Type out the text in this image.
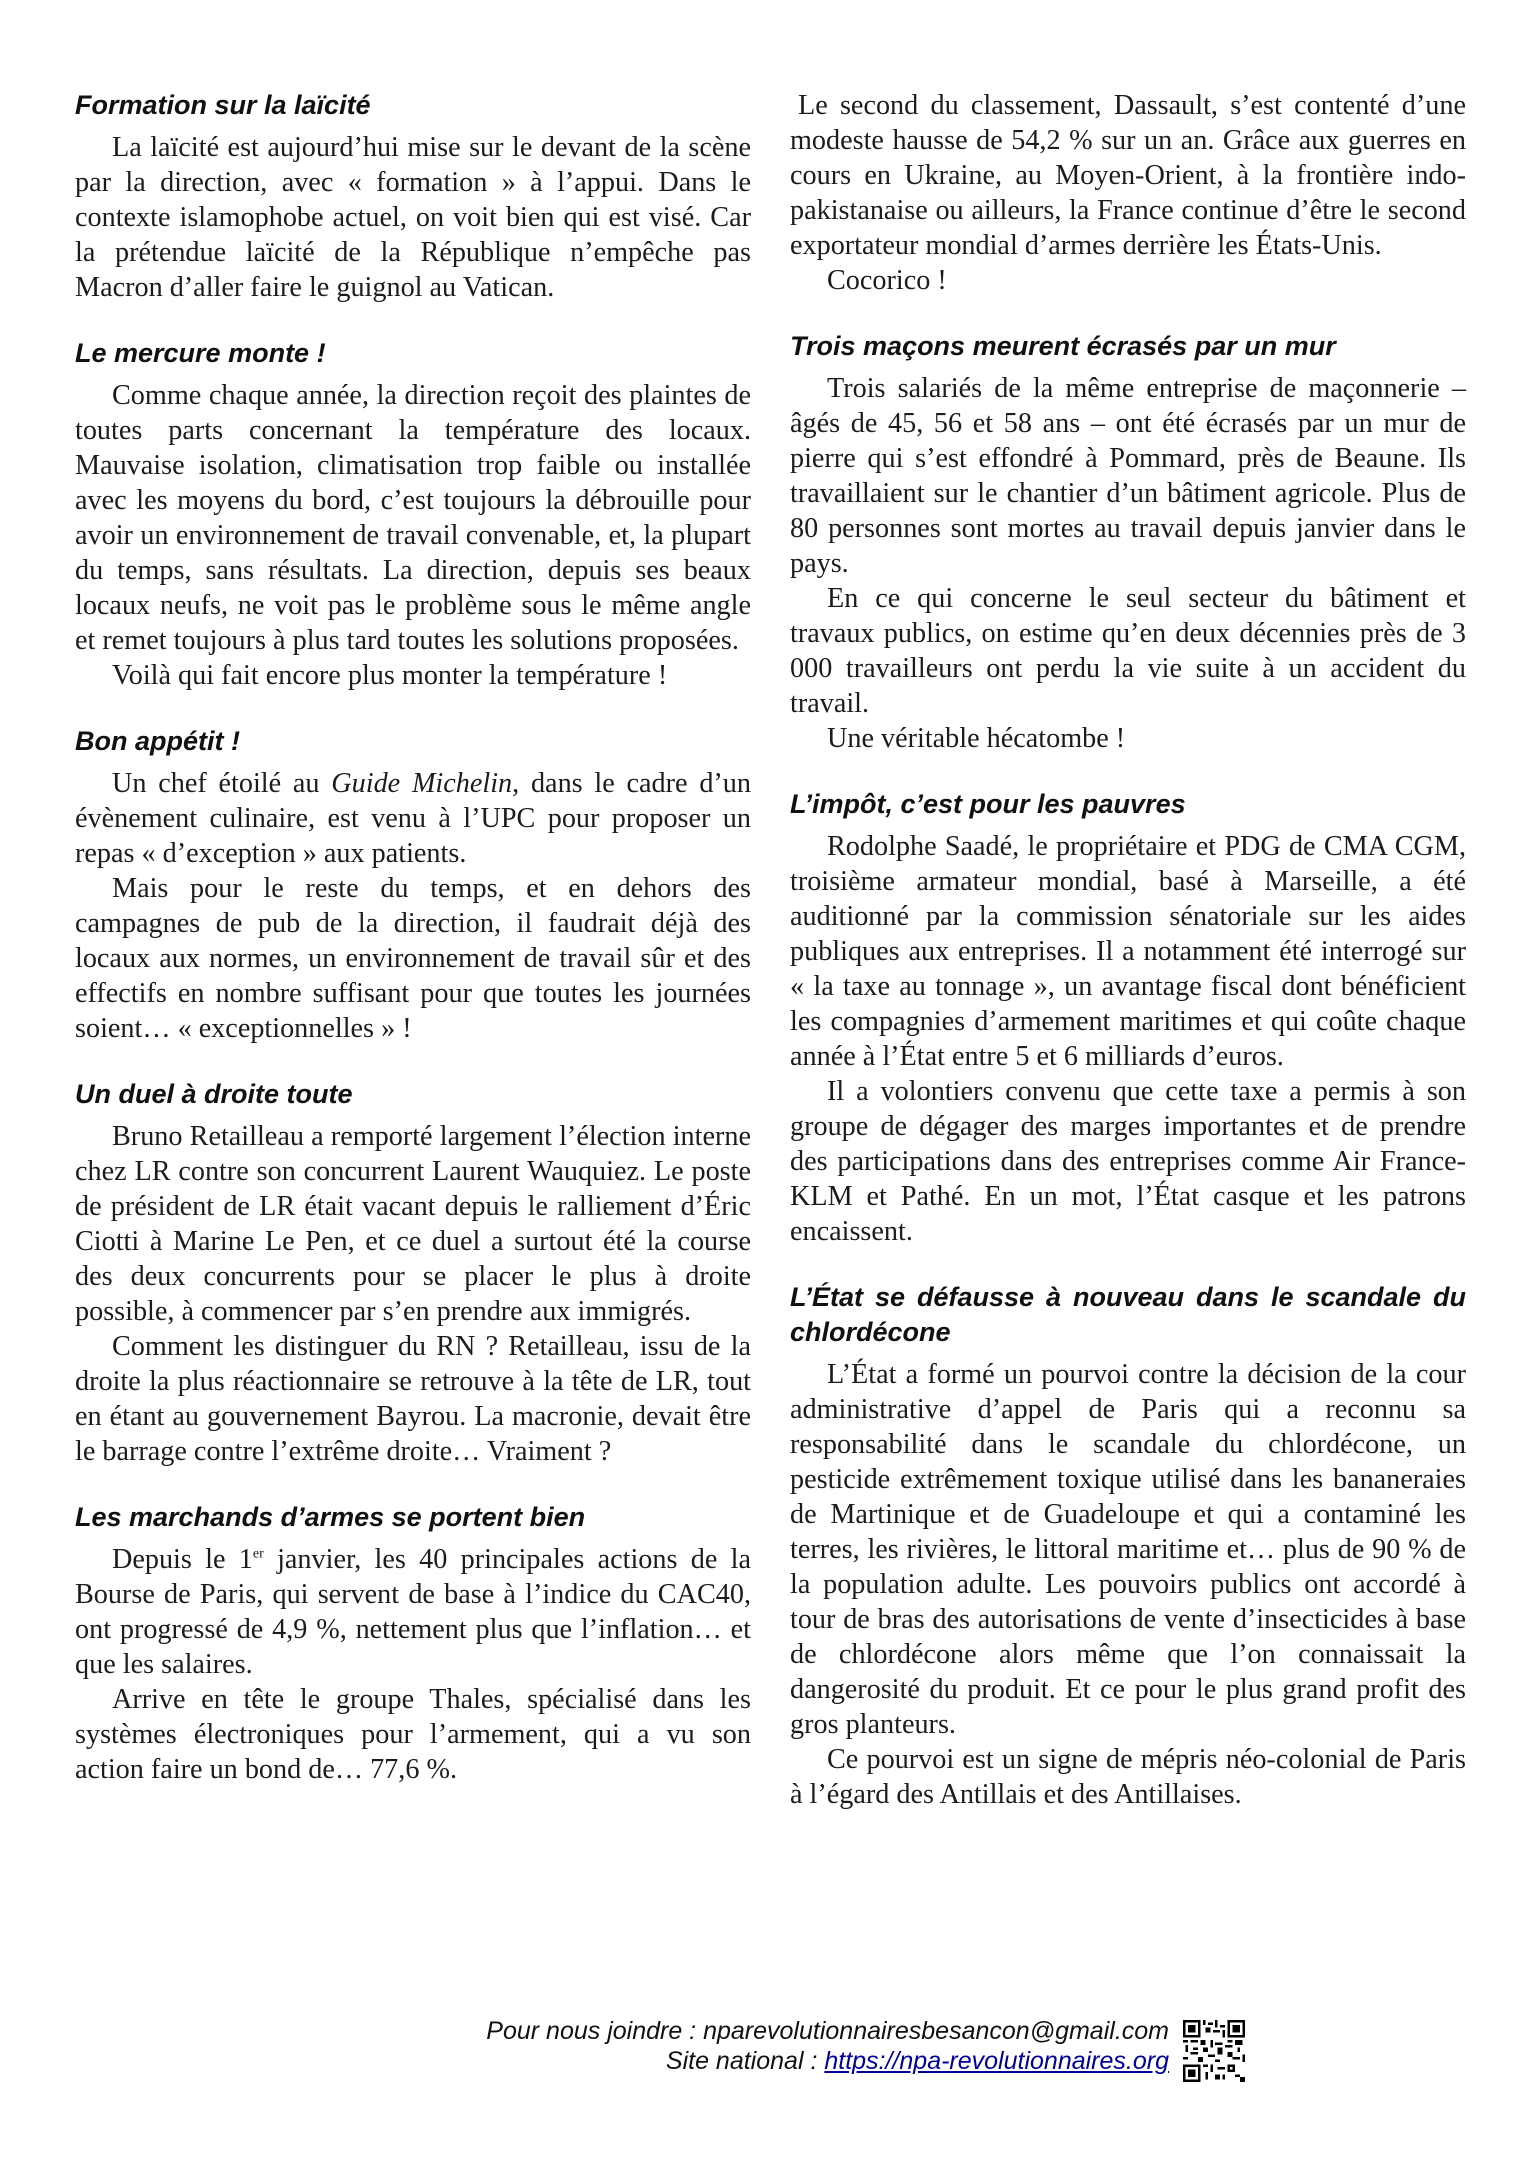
Formation sur la laïcité

La laïcité est aujourd’hui mise sur le devant de la scène par la direction, avec « formation » à l’appui. Dans le contexte islamophobe actuel, on voit bien qui est visé. Car la prétendue laïcité de la République n’empêche pas Macron d’aller faire le guignol au Vatican.

Le mercure monte !

Comme chaque année, la direction reçoit des plaintes de toutes parts concernant la température des locaux. Mauvaise isolation, climatisation trop faible ou installée avec les moyens du bord, c’est toujours la débrouille pour avoir un environnement de travail convenable, et, la plupart du temps, sans résultats. La direction, depuis ses beaux locaux neufs, ne voit pas le problème sous le même angle et remet toujours à plus tard toutes les solutions proposées.

Voilà qui fait encore plus monter la température !

Bon appétit !

Un chef étoilé au Guide Michelin, dans le cadre d’un évènement culinaire, est venu à l’UPC pour proposer un repas « d’exception » aux patients.

Mais pour le reste du temps, et en dehors des campagnes de pub de la direction, il faudrait déjà des locaux aux normes, un environnement de travail sûr et des effectifs en nombre suffisant pour que toutes les journées soient… « exceptionnelles » !

Un duel à droite toute

Bruno Retailleau a remporté largement l’élection interne chez LR contre son concurrent Laurent Wauquiez. Le poste de président de LR était vacant depuis le ralliement d’Éric Ciotti à Marine Le Pen, et ce duel a surtout été la course des deux concurrents pour se placer le plus à droite possible, à commencer par s’en prendre aux immigrés.

Comment les distinguer du RN ? Retailleau, issu de la droite la plus réactionnaire se retrouve à la tête de LR, tout en étant au gouvernement Bayrou. La macronie, devait être le barrage contre l’extrême droite… Vraiment ?

Les marchands d’armes se portent bien

Depuis le 1er janvier, les 40 principales actions de la Bourse de Paris, qui servent de base à l’indice du CAC40, ont progressé de 4,9 %, nettement plus que l’inflation… et que les salaires.

Arrive en tête le groupe Thales, spécialisé dans les systèmes électroniques pour l’armement, qui a vu son action faire un bond de… 77,6 %.

Le second du classement, Dassault, s’est contenté d’une modeste hausse de 54,2 % sur un an. Grâce aux guerres en cours en Ukraine, au Moyen-Orient, à la frontière indo-pakistanaise ou ailleurs, la France continue d’être le second exportateur mondial d’armes derrière les États-Unis.

Cocorico !

Trois maçons meurent écrasés par un mur

Trois salariés de la même entreprise de maçonnerie – âgés de 45, 56 et 58 ans – ont été écrasés par un mur de pierre qui s’est effondré à Pommard, près de Beaune. Ils travaillaient sur le chantier d’un bâtiment agricole. Plus de 80 personnes sont mortes au travail depuis janvier dans le pays.

En ce qui concerne le seul secteur du bâtiment et travaux publics, on estime qu’en deux décennies près de 3 000 travailleurs ont perdu la vie suite à un accident du travail.

Une véritable hécatombe !

L’impôt, c’est pour les pauvres

Rodolphe Saadé, le propriétaire et PDG de CMA CGM, troisième armateur mondial, basé à Marseille, a été auditionné par la commission sénatoriale sur les aides publiques aux entreprises. Il a notamment été interrogé sur « la taxe au tonnage », un avantage fiscal dont bénéficient les compagnies d’armement maritimes et qui coûte chaque année à l’État entre 5 et 6 milliards d’euros.

Il a volontiers convenu que cette taxe a permis à son groupe de dégager des marges importantes et de prendre des participations dans des entreprises comme Air France-KLM et Pathé. En un mot, l’État casque et les patrons encaissent.

L’État se défausse à nouveau dans le scandale du chlordécone

L’État a formé un pourvoi contre la décision de la cour administrative d’appel de Paris qui a reconnu sa responsabilité dans le scandale du chlordécone, un pesticide extrêmement toxique utilisé dans les bananeraies de Martinique et de Guadeloupe et qui a contaminé les terres, les rivières, le littoral maritime et… plus de 90 % de la population adulte. Les pouvoirs publics ont accordé à tour de bras des autorisations de vente d’insecticides à base de chlordécone alors même que l’on connaissait la dangerosité du produit. Et ce pour le plus grand profit des gros planteurs.

Ce pourvoi est un signe de mépris néo-colonial de Paris à l’égard des Antillais et des Antillaises.

Pour nous joindre : nparevolutionnairesbesancon@gmail.com
Site national : https://npa-revolutionnaires.org
